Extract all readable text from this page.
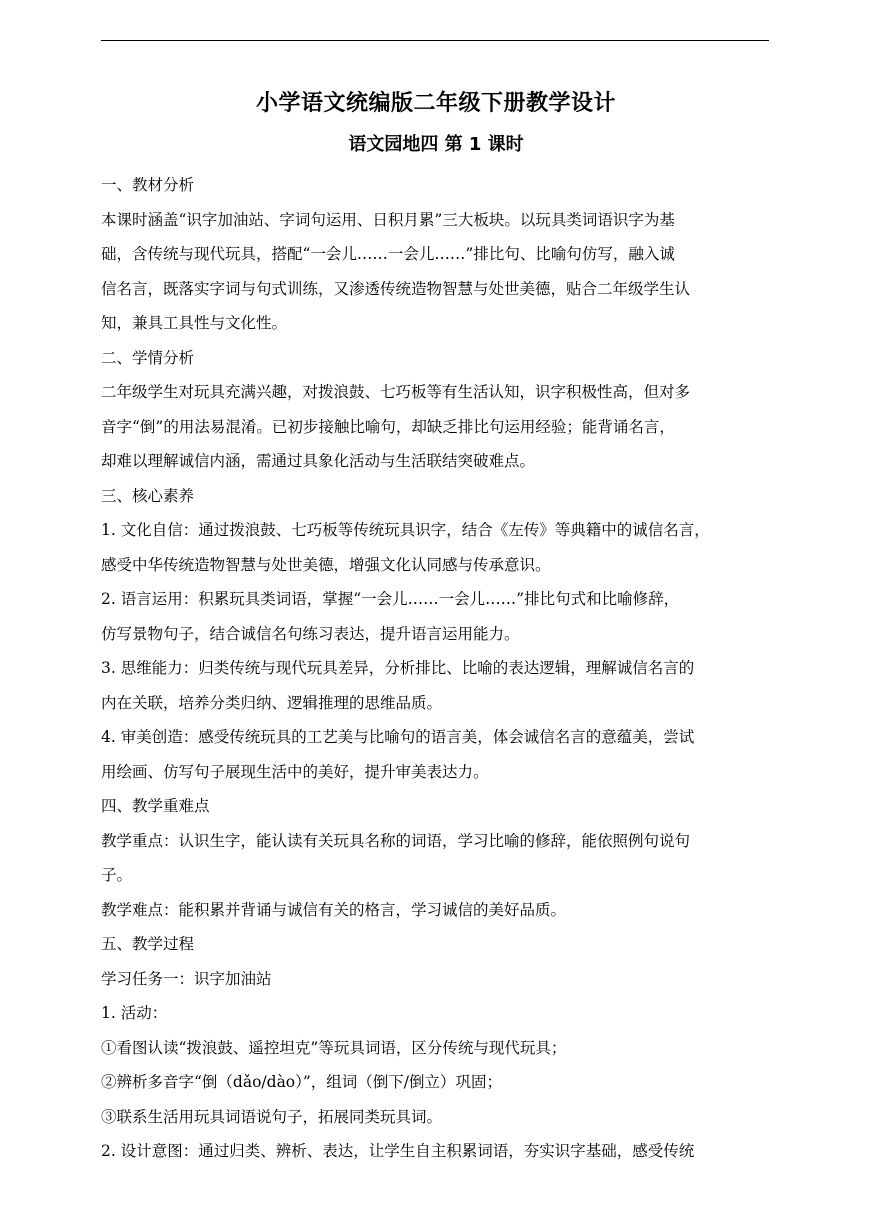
小学语文统编版二年级下册教学设计
语文园地四 第 1 课时
一、教材分析
本课时涵盖“识字加油站、字词句运用、日积月累”三大板块。以玩具类词语识字为基
础，含传统与现代玩具，搭配“一会儿……一会儿……”排比句、比喻句仿写，融入诚
信名言，既落实字词与句式训练，又渗透传统造物智慧与处世美德，贴合二年级学生认
知，兼具工具性与文化性。
二、学情分析
二年级学生对玩具充满兴趣，对拨浪鼓、七巧板等有生活认知，识字积极性高，但对多
音字“倒”的用法易混淆。已初步接触比喻句，却缺乏排比句运用经验；能背诵名言，
却难以理解诚信内涵，需通过具象化活动与生活联结突破难点。
三、核心素养
1. 文化自信：通过拨浪鼓、七巧板等传统玩具识字，结合《左传》等典籍中的诚信名言，
感受中华传统造物智慧与处世美德，增强文化认同感与传承意识。
2. 语言运用：积累玩具类词语，掌握“一会儿……一会儿……”排比句式和比喻修辞，
仿写景物句子，结合诚信名句练习表达，提升语言运用能力。
3. 思维能力：归类传统与现代玩具差异，分析排比、比喻的表达逻辑，理解诚信名言的
内在关联，培养分类归纳、逻辑推理的思维品质。
4. 审美创造：感受传统玩具的工艺美与比喻句的语言美，体会诚信名言的意蕴美，尝试
用绘画、仿写句子展现生活中的美好，提升审美表达力。
四、教学重难点
教学重点：认识生字，能认读有关玩具名称的词语，学习比喻的修辞，能依照例句说句
子。
教学难点：能积累并背诵与诚信有关的格言，学习诚信的美好品质。
五、教学过程
学习任务一：识字加油站
1. 活动：
①看图认读“拨浪鼓、遥控坦克”等玩具词语，区分传统与现代玩具；
②辨析多音字“倒（dǎo/dào）”，组词（倒下/倒立）巩固；
③联系生活用玩具词语说句子，拓展同类玩具词。
2. 设计意图：通过归类、辨析、表达，让学生自主积累词语，夯实识字基础，感受传统
